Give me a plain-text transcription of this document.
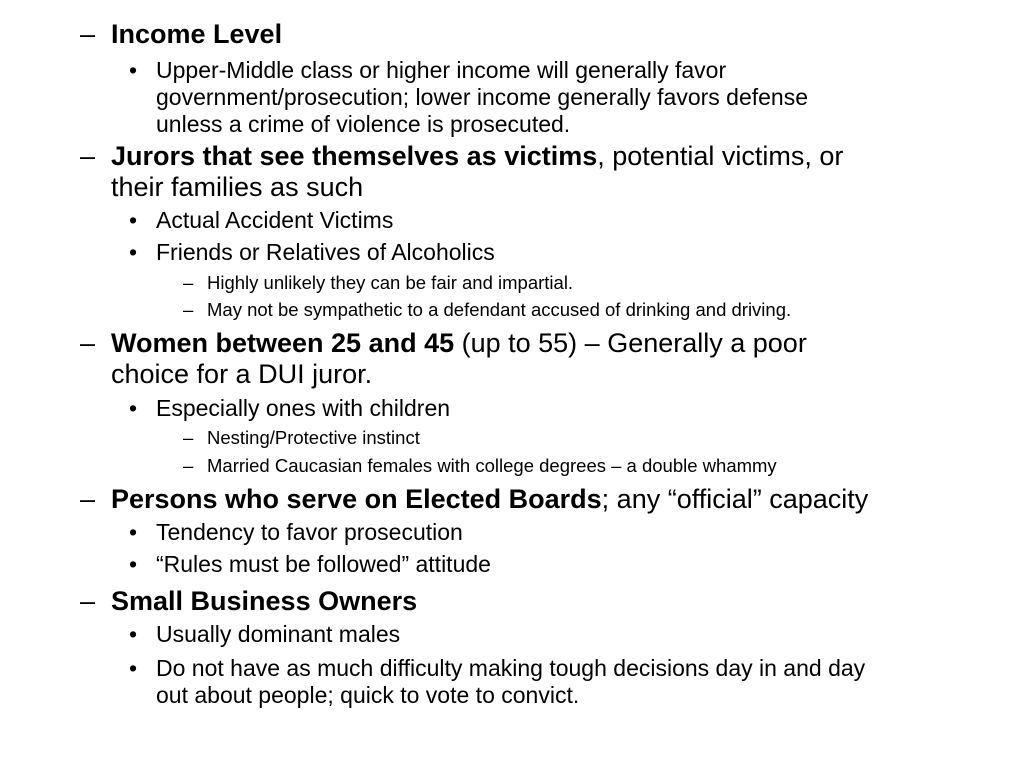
– Income Level
• Upper-Middle class or higher income will generally favor
government/prosecution; lower income generally favors defense
unless a crime of violence is prosecuted.
– Jurors that see themselves as victims, potential victims, or
their families as such
• Actual Accident Victims
• Friends or Relatives of Alcoholics
– Highly unlikely they can be fair and impartial.
– May not be sympathetic to a defendant accused of drinking and driving.
– Women between 25 and 45 (up to 55) – Generally a poor
choice for a DUI juror.
• Especially ones with children
– Nesting/Protective instinct
– Married Caucasian females with college degrees – a double whammy
– Persons who serve on Elected Boards; any “official” capacity
• Tendency to favor prosecution
• “Rules must be followed” attitude
– Small Business Owners
• Usually dominant males
• Do not have as much difficulty making tough decisions day in and day
out about people; quick to vote to convict.
